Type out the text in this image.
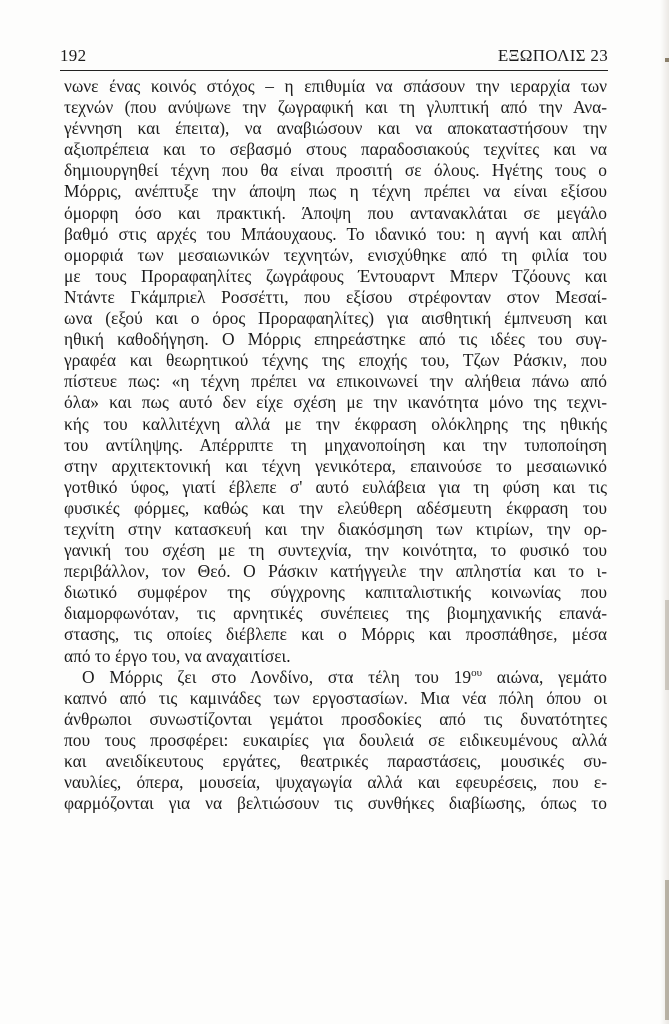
192	ΕΞΩΠΟΛΙΣ 23
νωνε ένας κοινός στόχος – η επιθυμία να σπάσουν την ιεραρχία των
τεχνών (που ανύψωνε την ζωγραφική και τη γλυπτική από την Ανα-
γέννηση και έπειτα), να αναβιώσουν και να αποκαταστήσουν την
αξιοπρέπεια και το σεβασμό στους παραδοσιακούς τεχνίτες και να
δημιουργηθεί τέχνη που θα είναι προσιτή σε όλους. Ηγέτης τους ο
Μόρρις, ανέπτυξε την άποψη πως η τέχνη πρέπει να είναι εξίσου
όμορφη όσο και πρακτική. Άποψη που αντανακλάται σε μεγάλο
βαθμό στις αρχές του Μπάουχαους. Το ιδανικό του: η αγνή και απλή
ομορφιά των μεσαιωνικών τεχνητών, ενισχύθηκε από τη φιλία του
με τους Προραφαηλίτες ζωγράφους Έντουαρντ Μπερν Τζόουνς και
Ντάντε Γκάμπριελ Ροσσέττι, που εξίσου στρέφονταν στον Μεσαί-
ωνα (εξού και ο όρος Προραφαηλίτες) για αισθητική έμπνευση και
ηθική καθοδήγηση. Ο Μόρρις επηρεάστηκε από τις ιδέες του συγ-
γραφέα και θεωρητικού τέχνης της εποχής του, Τζων Ράσκιν, που
πίστευε πως: «η τέχνη πρέπει να επικοινωνεί την αλήθεια πάνω από
όλα» και πως αυτό δεν είχε σχέση με την ικανότητα μόνο της τεχνι-
κής του καλλιτέχνη αλλά με την έκφραση ολόκληρης της ηθικής
του αντίληψης. Απέρριπτε τη μηχανοποίηση και την τυποποίηση
στην αρχιτεκτονική και τέχνη γενικότερα, επαινούσε το μεσαιωνικό
γοτθικό ύφος, γιατί έβλεπε σ' αυτό ευλάβεια για τη φύση και τις
φυσικές φόρμες, καθώς και την ελεύθερη αδέσμευτη έκφραση του
τεχνίτη στην κατασκευή και την διακόσμηση των κτιρίων, την ορ-
γανική του σχέση με τη συντεχνία, την κοινότητα, το φυσικό του
περιβάλλον, τον Θεό. Ο Ράσκιν κατήγγειλε την απληστία και το ι-
διωτικό συμφέρον της σύγχρονης καπιταλιστικής κοινωνίας που
διαμορφωνόταν, τις αρνητικές συνέπειες της βιομηχανικής επανά-
στασης, τις οποίες διέβλεπε και ο Μόρρις και προσπάθησε, μέσα
από το έργο του, να αναχαιτίσει.
Ο Μόρρις ζει στο Λονδίνο, στα τέλη του $19^{o\upsilon}$ αιώνα, γεμάτο
καπνό από τις καμινάδες των εργοστασίων. Μια νέα πόλη όπου οι
άνθρωποι συνωστίζονται γεμάτοι προσδοκίες από τις δυνατότητες
που τους προσφέρει: ευκαιρίες για δουλειά σε ειδικευμένους αλλά
και ανειδίκευτους εργάτες, θεατρικές παραστάσεις, μουσικές συ-
ναυλίες, όπερα, μουσεία, ψυχαγωγία αλλά και εφευρέσεις, που ε-
φαρμόζονται για να βελτιώσουν τις συνθήκες διαβίωσης, όπως το
